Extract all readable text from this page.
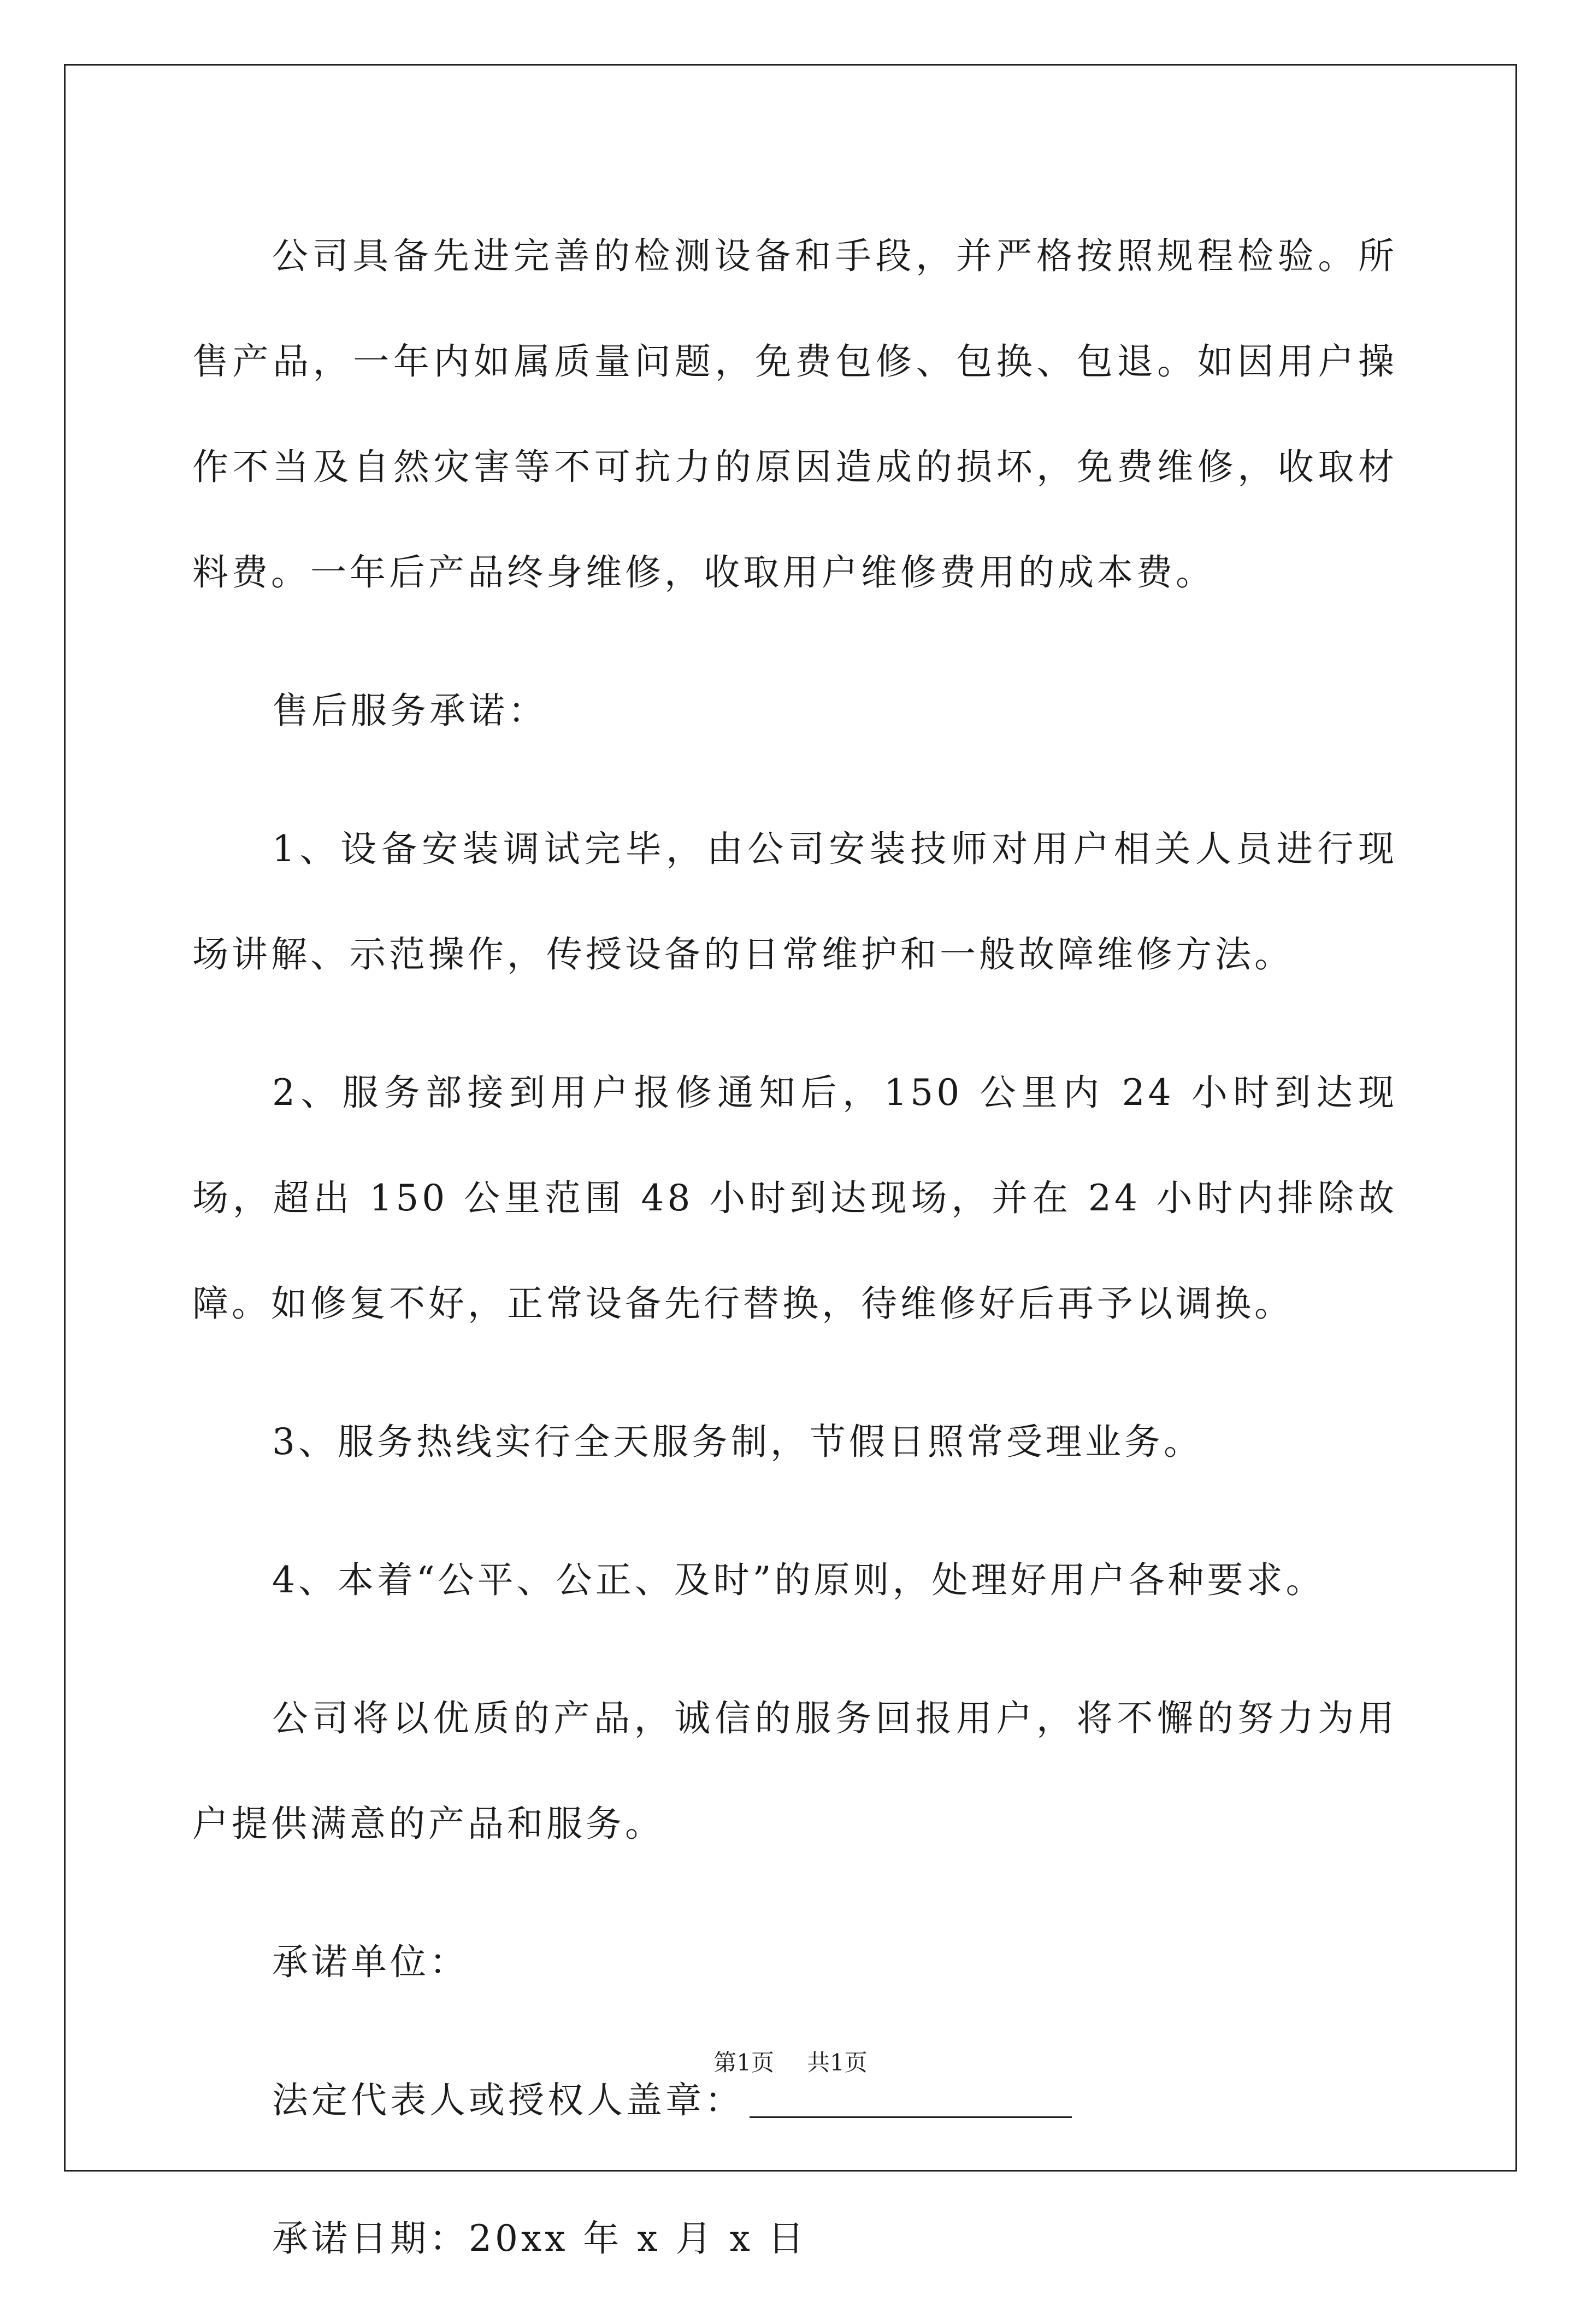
公司具备先进完善的检测设备和手段，并严格按照规程检验。所售产品，一年内如属质量问题，免费包修、包换、包退。如因用户操作不当及自然灾害等不可抗力的原因造成的损坏，免费维修，收取材料费。一年后产品终身维修，收取用户维修费用的成本费。

售后服务承诺：

1、设备安装调试完毕，由公司安装技师对用户相关人员进行现场讲解、示范操作，传授设备的日常维护和一般故障维修方法。

2、服务部接到用户报修通知后，150 公里内 24 小时到达现场，超出 150 公里范围 48 小时到达现场，并在 24 小时内排除故障。如修复不好，正常设备先行替换，待维修好后再予以调换。

3、服务热线实行全天服务制，节假日照常受理业务。

4、本着“公平、公正、及时”的原则，处理好用户各种要求。

公司将以优质的产品，诚信的服务回报用户，将不懈的努力为用户提供满意的产品和服务。

承诺单位：

法定代表人或授权人盖章：

承诺日期：20xx 年 x 月 x 日

第1页 共1页
